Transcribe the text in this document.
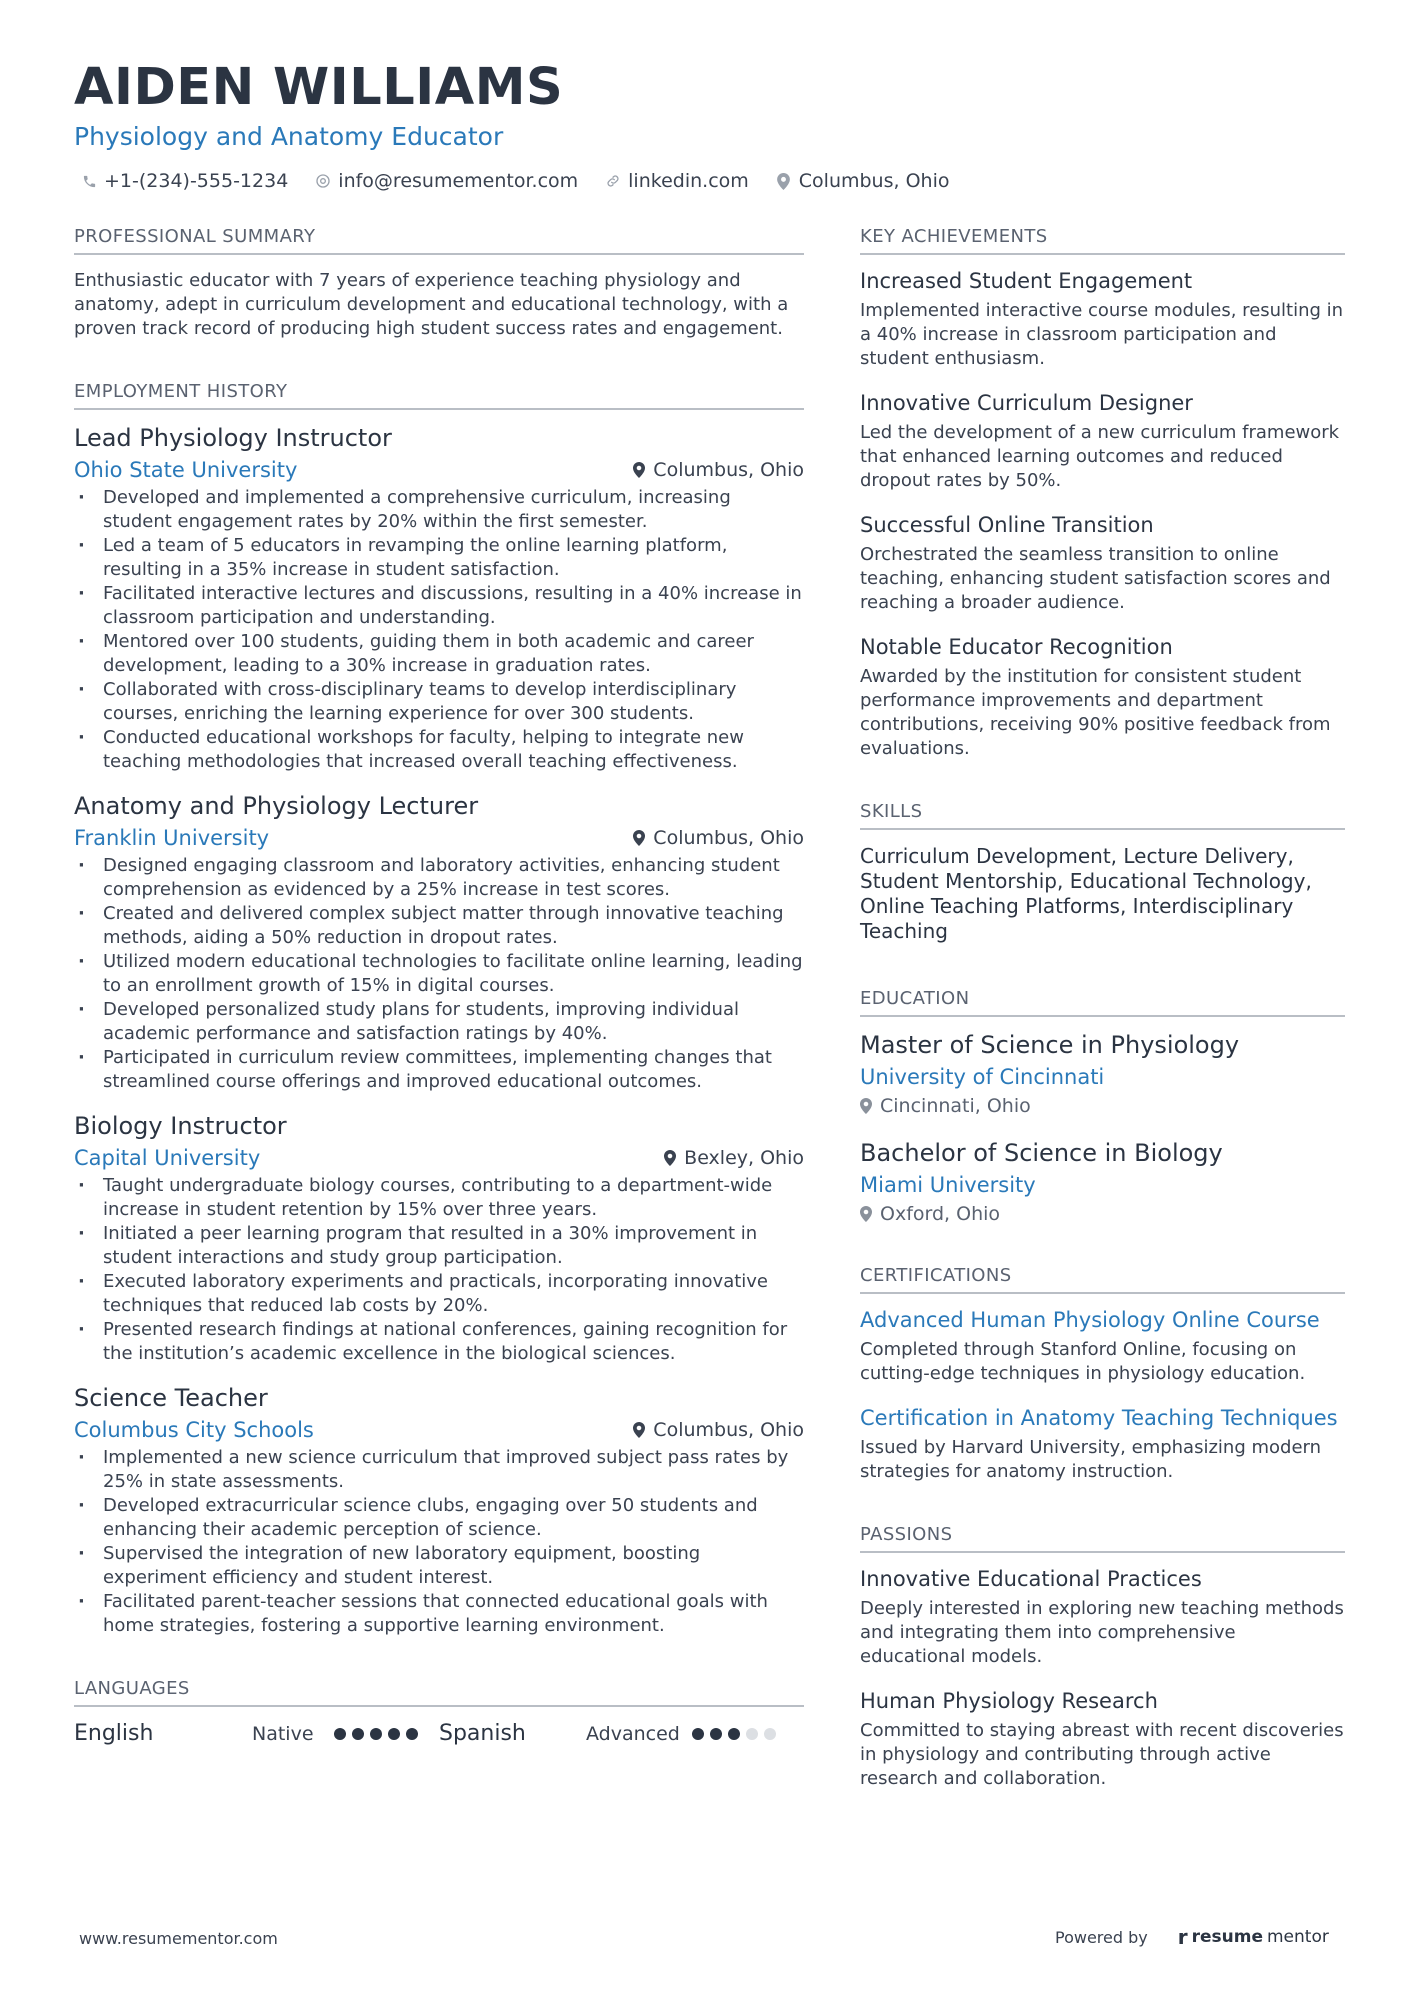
AIDEN WILLIAMS
Physiology and Anatomy Educator
+1-(234)-555-1234	info@resumementor.com	linkedin.com	Columbus, Ohio
PROFESSIONAL SUMMARY
Enthusiastic educator with 7 years of experience teaching physiology and anatomy, adept in curriculum development and educational technology, with a proven track record of producing high student success rates and engagement.
EMPLOYMENT HISTORY
Lead Physiology Instructor
Ohio State University	Columbus, Ohio
· Developed and implemented a comprehensive curriculum, increasing student engagement rates by 20% within the first semester.
· Led a team of 5 educators in revamping the online learning platform, resulting in a 35% increase in student satisfaction.
· Facilitated interactive lectures and discussions, resulting in a 40% increase in classroom participation and understanding.
· Mentored over 100 students, guiding them in both academic and career development, leading to a 30% increase in graduation rates.
· Collaborated with cross-disciplinary teams to develop interdisciplinary courses, enriching the learning experience for over 300 students.
· Conducted educational workshops for faculty, helping to integrate new teaching methodologies that increased overall teaching effectiveness.
Anatomy and Physiology Lecturer
Franklin University	Columbus, Ohio
· Designed engaging classroom and laboratory activities, enhancing student comprehension as evidenced by a 25% increase in test scores.
· Created and delivered complex subject matter through innovative teaching methods, aiding a 50% reduction in dropout rates.
· Utilized modern educational technologies to facilitate online learning, leading to an enrollment growth of 15% in digital courses.
· Developed personalized study plans for students, improving individual academic performance and satisfaction ratings by 40%.
· Participated in curriculum review committees, implementing changes that streamlined course offerings and improved educational outcomes.
Biology Instructor
Capital University	Bexley, Ohio
· Taught undergraduate biology courses, contributing to a department-wide increase in student retention by 15% over three years.
· Initiated a peer learning program that resulted in a 30% improvement in student interactions and study group participation.
· Executed laboratory experiments and practicals, incorporating innovative techniques that reduced lab costs by 20%.
· Presented research findings at national conferences, gaining recognition for the institution’s academic excellence in the biological sciences.
Science Teacher
Columbus City Schools	Columbus, Ohio
· Implemented a new science curriculum that improved subject pass rates by 25% in state assessments.
· Developed extracurricular science clubs, engaging over 50 students and enhancing their academic perception of science.
· Supervised the integration of new laboratory equipment, boosting experiment efficiency and student interest.
· Facilitated parent-teacher sessions that connected educational goals with home strategies, fostering a supportive learning environment.
LANGUAGES
English	Native	Spanish	Advanced
KEY ACHIEVEMENTS
Increased Student Engagement
Implemented interactive course modules, resulting in a 40% increase in classroom participation and student enthusiasm.
Innovative Curriculum Designer
Led the development of a new curriculum framework that enhanced learning outcomes and reduced dropout rates by 50%.
Successful Online Transition
Orchestrated the seamless transition to online teaching, enhancing student satisfaction scores and reaching a broader audience.
Notable Educator Recognition
Awarded by the institution for consistent student performance improvements and department contributions, receiving 90% positive feedback from evaluations.
SKILLS
Curriculum Development, Lecture Delivery, Student Mentorship, Educational Technology, Online Teaching Platforms, Interdisciplinary Teaching
EDUCATION
Master of Science in Physiology
University of Cincinnati
Cincinnati, Ohio
Bachelor of Science in Biology
Miami University
Oxford, Ohio
CERTIFICATIONS
Advanced Human Physiology Online Course
Completed through Stanford Online, focusing on cutting-edge techniques in physiology education.
Certification in Anatomy Teaching Techniques
Issued by Harvard University, emphasizing modern strategies for anatomy instruction.
PASSIONS
Innovative Educational Practices
Deeply interested in exploring new teaching methods and integrating them into comprehensive educational models.
Human Physiology Research
Committed to staying abreast with recent discoveries in physiology and contributing through active research and collaboration.
www.resumementor.com	Powered by r resume mentor
